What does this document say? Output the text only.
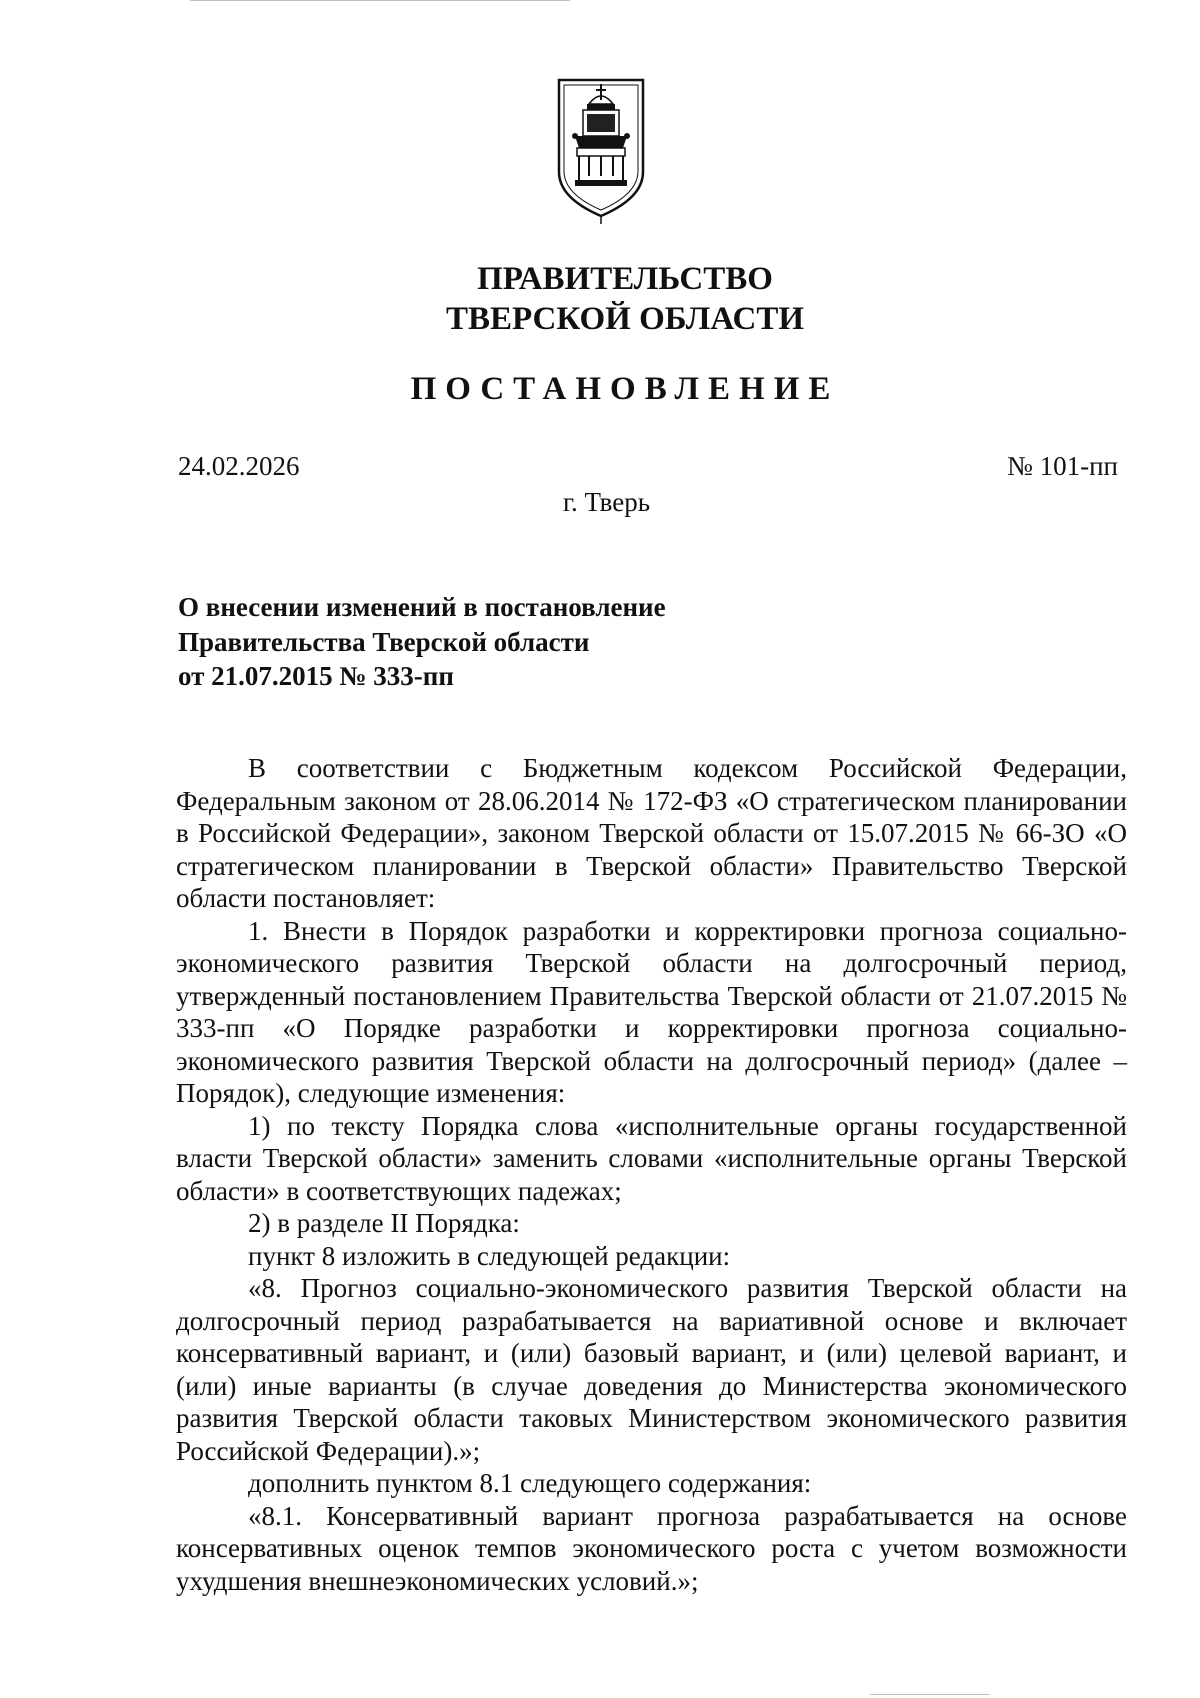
ПРАВИТЕЛЬСТВО
ТВЕРСКОЙ ОБЛАСТИ
ПОСТАНОВЛЕНИЕ
24.02.2026	№ 101-пп
г. Тверь
О внесении изменений в постановление
Правительства Тверской области
от 21.07.2015 № 333-пп

В соответствии с Бюджетным кодексом Российской Федерации, Федеральным законом от 28.06.2014 № 172-ФЗ «О стратегическом планировании в Российской Федерации», законом Тверской области от 15.07.2015 № 66-ЗО «О стратегическом планировании в Тверской области» Правительство Тверской области постановляет:

1. Внести в Порядок разработки и корректировки прогноза социально-экономического развития Тверской области на долгосрочный период, утвержденный постановлением Правительства Тверской области от 21.07.2015 № 333-пп «О Порядке разработки и корректировки прогноза социально-экономического развития Тверской области на долгосрочный период» (далее – Порядок), следующие изменения:

1) по тексту Порядка слова «исполнительные органы государственной власти Тверской области» заменить словами «исполнительные органы Тверской области» в соответствующих падежах;

2) в разделе II Порядка:

пункт 8 изложить в следующей редакции:

«8. Прогноз социально-экономического развития Тверской области на долгосрочный период разрабатывается на вариативной основе и включает консервативный вариант, и (или) базовый вариант, и (или) целевой вариант, и (или) иные варианты (в случае доведения до Министерства экономического развития Тверской области таковых Министерством экономического развития Российской Федерации).»;

дополнить пунктом 8.1 следующего содержания:

«8.1. Консервативный вариант прогноза разрабатывается на основе консервативных оценок темпов экономического роста с учетом возможности ухудшения внешнеэкономических условий.»;
